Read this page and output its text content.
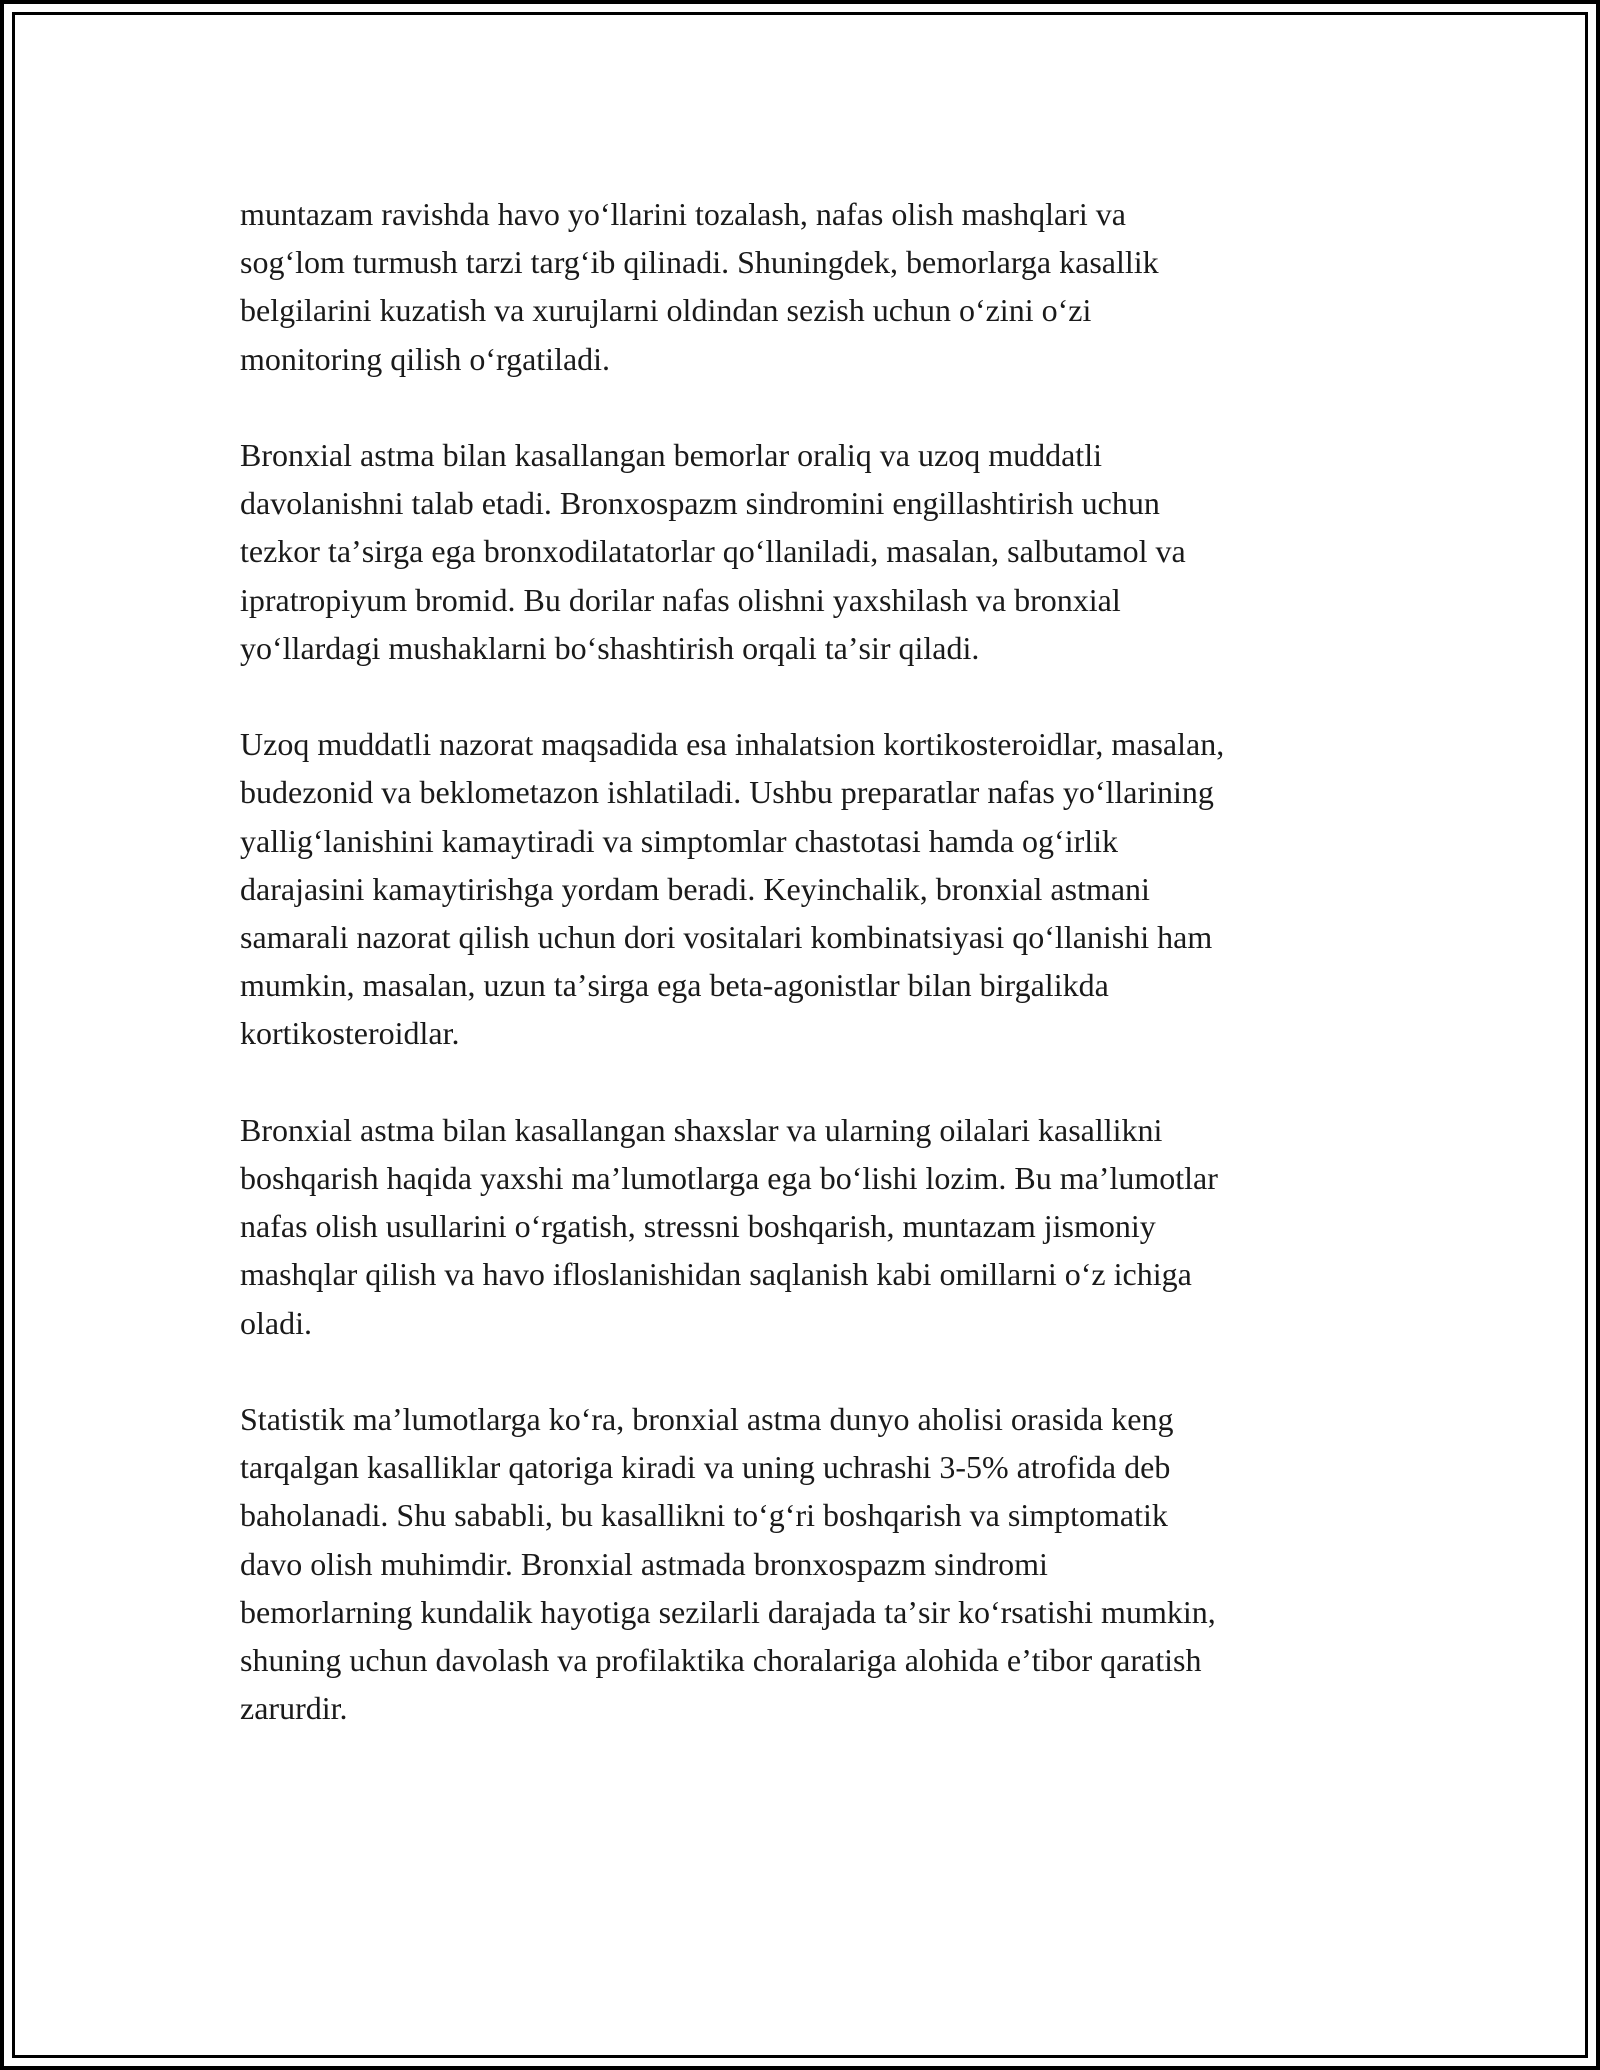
muntazam ravishda havo yoʻllarini tozalash, nafas olish mashqlari va
sogʻlom turmush tarzi targʻib qilinadi. Shuningdek, bemorlarga kasallik
belgilarini kuzatish va xurujlarni oldindan sezish uchun oʻzini oʻzi
monitoring qilish oʻrgatiladi.

Bronxial astma bilan kasallangan bemorlar oraliq va uzoq muddatli
davolanishni talab etadi. Bronxospazm sindromini engillashtirish uchun
tezkor taʼsirga ega bronxodilatatorlar qoʻllaniladi, masalan, salbutamol va
ipratropiyum bromid. Bu dorilar nafas olishni yaxshilash va bronxial
yoʻllardagi mushaklarni boʻshashtirish orqali taʼsir qiladi.

Uzoq muddatli nazorat maqsadida esa inhalatsion kortikosteroidlar, masalan,
budezonid va beklometazon ishlatiladi. Ushbu preparatlar nafas yoʻllarining
yalligʻlanishini kamaytiradi va simptomlar chastotasi hamda ogʻirlik
darajasini kamaytirishga yordam beradi. Keyinchalik, bronxial astmani
samarali nazorat qilish uchun dori vositalari kombinatsiyasi qoʻllanishi ham
mumkin, masalan, uzun taʼsirga ega beta-agonistlar bilan birgalikda
kortikosteroidlar.

Bronxial astma bilan kasallangan shaxslar va ularning oilalari kasallikni
boshqarish haqida yaxshi maʼlumotlarga ega boʻlishi lozim. Bu maʼlumotlar
nafas olish usullarini oʻrgatish, stressni boshqarish, muntazam jismoniy
mashqlar qilish va havo ifloslanishidan saqlanish kabi omillarni oʻz ichiga
oladi.

Statistik maʼlumotlarga koʻra, bronxial astma dunyo aholisi orasida keng
tarqalgan kasalliklar qatoriga kiradi va uning uchrashi 3-5% atrofida deb
baholanadi. Shu sababli, bu kasallikni toʻgʻri boshqarish va simptomatik
davo olish muhimdir. Bronxial astmada bronxospazm sindromi
bemorlarning kundalik hayotiga sezilarli darajada taʼsir koʻrsatishi mumkin,
shuning uchun davolash va profilaktika choralariga alohida eʼtibor qaratish
zarurdir.
